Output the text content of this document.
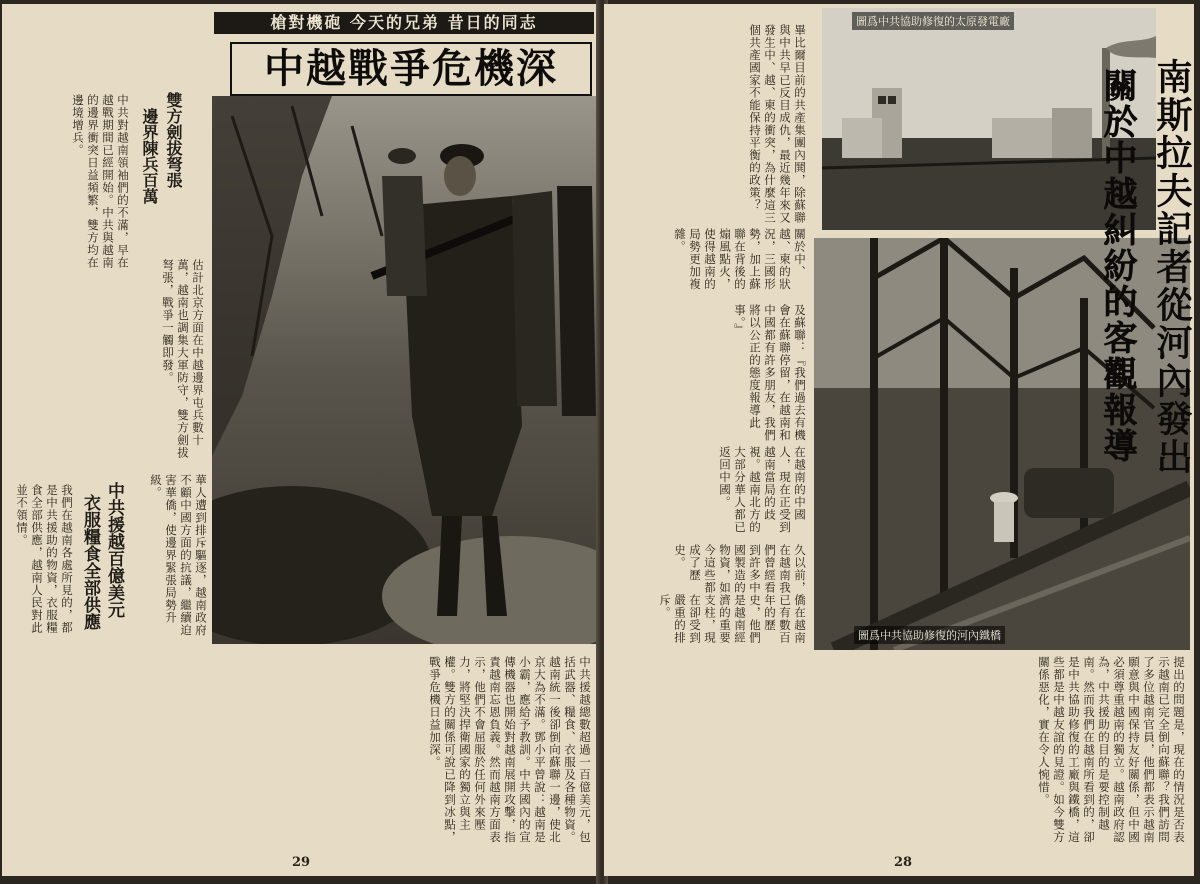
槍對機砲 今天的兄弟 昔日的同志
中越戰爭危機深
雙方劍拔弩張
邊界陳兵百萬
中共對越南領袖們的不滿，早在越戰期間已經開始。中共與越南的邊界衝突日益頻繁，雙方均在邊境增兵。
估計北京方面在中越邊界屯兵數十萬，越南也調集大軍防守，雙方劍拔弩張，戰爭一觸即發。
中共援越百億美元
衣服糧食全部供應	華人遭到排斥驅逐，越南政府不顧中國方面的抗議，繼續迫害華僑，使邊界緊張局勢升級。
我們在越南各處所見的，都是中共援助的物資，衣服糧食全部供應，越南人民對此並不領情。
中共援越總數超過一百億美元，包括武器、糧食、衣服及各種物資。越南統一後卻倒向蘇聯一邊，使北京大為不滿。鄧小平曾說：越南是小霸，應給予教訓。中共國內的宣傳機器也開始對越南展開攻擊，指責越南忘恩負義。然而越南方面表示，他們不會屈服於任何外來壓力，將堅決捍衛國家的獨立與主權。雙方的關係可說已降到冰點，戰爭危機日益加深。
29
畢比爾目前的共產集團內鬨，除蘇聯與中共早已反目成仇，最近幾年來又發生中、越、柬的衝突，為什麼這三個共產國家不能保持平衡的政策？
關於中、越、柬的狀況，三國形勢，加上蘇聯在背後的煽風點火，使得越南的局勢更加複雜。
及蘇聯：『我們過去有機會在蘇聯停留，在越南和中國都有許多朋友，我們將以公正的態度報導此事。』
在越南的中國人，現在正受到越南當局的歧視。越南北方的大部分華人都已返回中國。
久以前，在越南我們曾經看到許多中國製造的物資，如今這些都成了歷史。
僑在越南已有數百年的歷史，他們是越南經濟的重要支柱，現在卻受到嚴重的排斥。
圖爲中共協助修復的太原發電廠
圖爲中共協助修復的河內鐵橋
南斯拉夫記者從河內發出
關於中越糾紛的客觀報導
提出的問題是，現在的情況是否表示越南已完全倒向蘇聯？我們訪問了多位越南官員，他們都表示越南願意與中國保持友好關係，但中國必須尊重越南的獨立。越南政府認為，中共援助的目的是要控制越南。然而我們在越南所看到的，卻是中共協助修復的工廠與鐵橋，這些都是中越友誼的見證。如今雙方關係惡化，實在令人惋惜。
28
